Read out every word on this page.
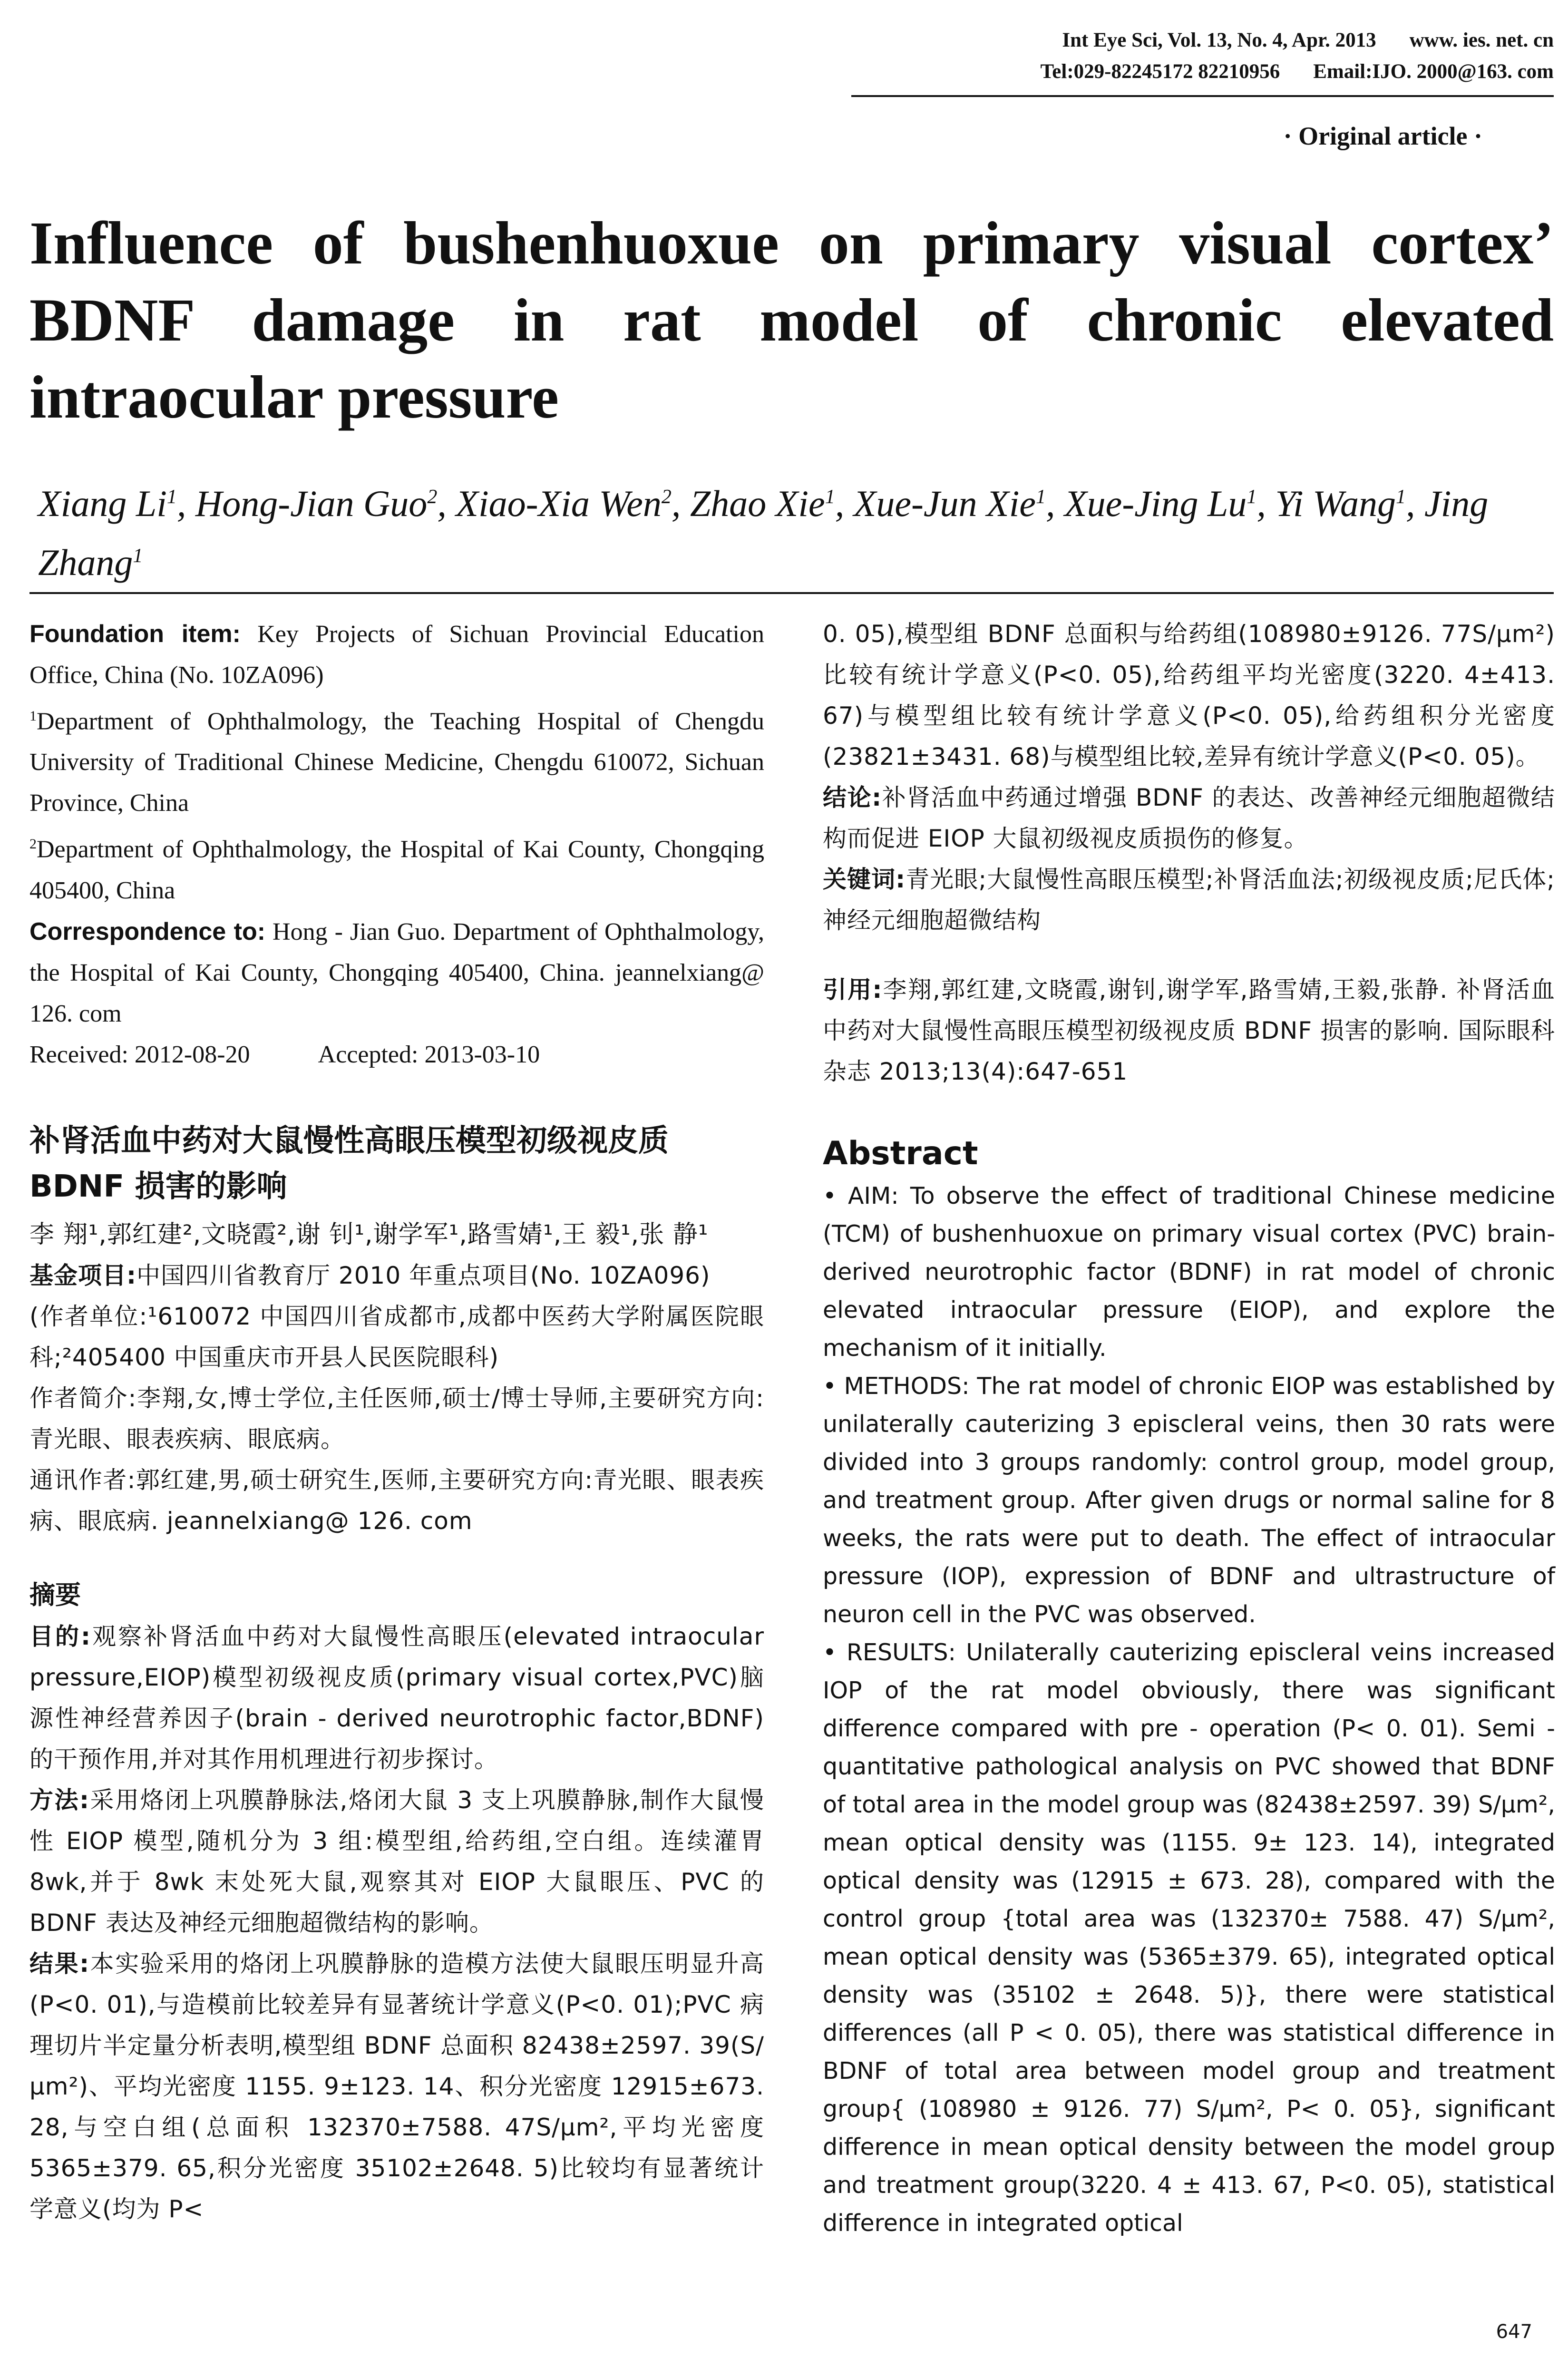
Int Eye Sci, Vol. 13, No. 4, Apr. 2013 www. ies. net. cn
Tel:029-82245172 82210956 Email:IJO. 2000@163. com
· Original article ·
Influence of bushenhuoxue on primary visual cortex’ BDNF damage in rat model of chronic elevated intraocular pressure
Xiang Li$^1$, Hong-Jian Guo$^2$, Xiao-Xia Wen$^2$, Zhao Xie$^1$, Xue-Jun Xie$^1$, Xue-Jing Lu$^1$, Yi Wang$^1$, Jing Zhang$^1$

Foundation item: Key Projects of Sichuan Provincial Education Office, China (No. 10ZA096)

$^1$Department of Ophthalmology, the Teaching Hospital of Chengdu University of Traditional Chinese Medicine, Chengdu 610072, Sichuan Province, China

$^2$Department of Ophthalmology, the Hospital of Kai County, Chongqing 405400, China

Correspondence to: Hong - Jian Guo. Department of Ophthalmology, the Hospital of Kai County, Chongqing 405400, China. jeannelxiang@ 126. com

Received: 2012-08-20	Accepted: 2013-03-10

补肾活血中药对大鼠慢性高眼压模型初级视皮质 BDNF 损害的影响

李 翔¹,郭红建²,文晓霞²,谢 钊¹,谢学军¹,路雪婧¹,王 毅¹,张 静¹

基金项目:中国四川省教育厅 2010 年重点项目(No. 10ZA096)

(作者单位:¹610072 中国四川省成都市,成都中医药大学附属医院眼科;²405400 中国重庆市开县人民医院眼科)

作者简介:李翔,女,博士学位,主任医师,硕士/博士导师,主要研究方向:青光眼、眼表疾病、眼底病。

通讯作者:郭红建,男,硕士研究生,医师,主要研究方向:青光眼、眼表疾病、眼底病. jeannelxiang@ 126. com

摘要

目的:观察补肾活血中药对大鼠慢性高眼压(elevated intraocular pressure,EIOP)模型初级视皮质(primary visual cortex,PVC)脑源性神经营养因子(brain - derived neurotrophic factor,BDNF)的干预作用,并对其作用机理进行初步探讨。

方法:采用烙闭上巩膜静脉法,烙闭大鼠 3 支上巩膜静脉,制作大鼠慢性 EIOP 模型,随机分为 3 组:模型组,给药组,空白组。连续灌胃 8wk,并于 8wk 末处死大鼠,观察其对 EIOP 大鼠眼压、PVC 的 BDNF 表达及神经元细胞超微结构的影响。

结果:本实验采用的烙闭上巩膜静脉的造模方法使大鼠眼压明显升高(P<0. 01),与造模前比较差异有显著统计学意义(P<0. 01);PVC 病理切片半定量分析表明,模型组 BDNF 总面积 82438±2597. 39(S/μm²)、平均光密度 1155. 9±123. 14、积分光密度 12915±673. 28,与空白组(总面积 132370±7588. 47S/μm²,平均光密度 5365±379. 65,积分光密度 35102±2648. 5)比较均有显著统计学意义(均为 P<

0. 05),模型组 BDNF 总面积与给药组(108980±9126. 77S/μm²)比较有统计学意义(P<0. 05),给药组平均光密度(3220. 4±413. 67)与模型组比较有统计学意义(P<0. 05),给药组积分光密度(23821±3431. 68)与模型组比较,差异有统计学意义(P<0. 05)。

结论:补肾活血中药通过增强 BDNF 的表达、改善神经元细胞超微结构而促进 EIOP 大鼠初级视皮质损伤的修复。

关键词:青光眼;大鼠慢性高眼压模型;补肾活血法;初级视皮质;尼氏体;神经元细胞超微结构

引用:李翔,郭红建,文晓霞,谢钊,谢学军,路雪婧,王毅,张静. 补肾活血中药对大鼠慢性高眼压模型初级视皮质 BDNF 损害的影响. 国际眼科杂志 2013;13(4):647-651

Abstract

• AIM: To observe the effect of traditional Chinese medicine (TCM) of bushenhuoxue on primary visual cortex (PVC) brain-derived neurotrophic factor (BDNF) in rat model of chronic elevated intraocular pressure (EIOP), and explore the mechanism of it initially.

• METHODS: The rat model of chronic EIOP was established by unilaterally cauterizing 3 episcleral veins, then 30 rats were divided into 3 groups randomly: control group, model group, and treatment group. After given drugs or normal saline for 8 weeks, the rats were put to death. The effect of intraocular pressure (IOP), expression of BDNF and ultrastructure of neuron cell in the PVC was observed.

• RESULTS: Unilaterally cauterizing episcleral veins increased IOP of the rat model obviously, there was significant difference compared with pre - operation (P< 0. 01). Semi - quantitative pathological analysis on PVC showed that BDNF of total area in the model group was (82438±2597. 39) S/μm², mean optical density was (1155. 9± 123. 14), integrated optical density was (12915 ± 673. 28), compared with the control group {total area was (132370± 7588. 47) S/μm², mean optical density was (5365±379. 65), integrated optical density was (35102 ± 2648. 5)}, there were statistical differences (all P < 0. 05), there was statistical difference in BDNF of total area between model group and treatment group{ (108980 ± 9126. 77) S/μm², P< 0. 05}, significant difference in mean optical density between the model group and treatment group(3220. 4 ± 413. 67, P<0. 05), statistical difference in integrated optical

647
